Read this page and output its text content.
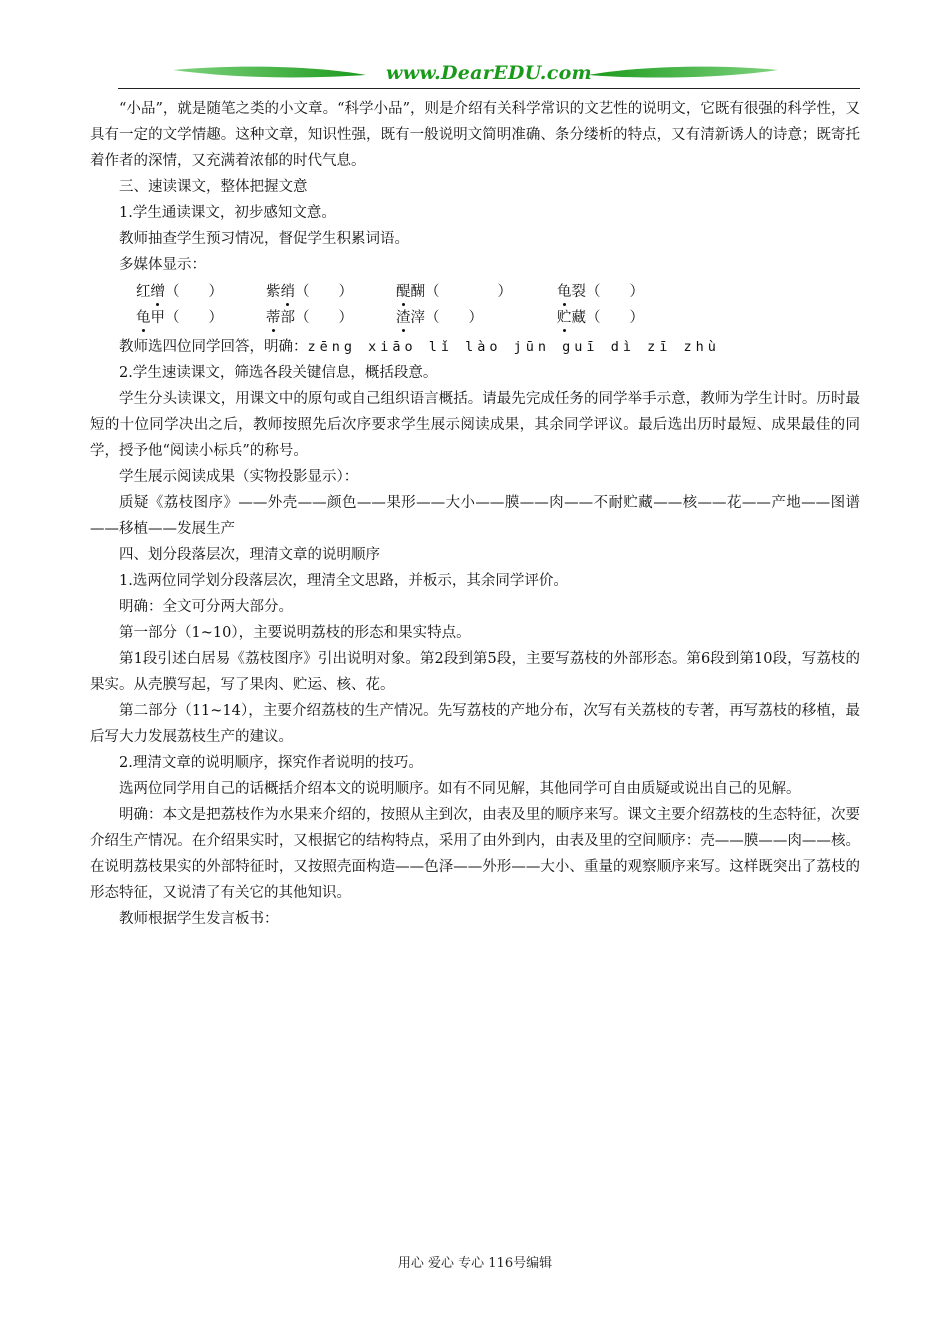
www.DearEDU.com

“小品”，就是随笔之类的小文章。“科学小品”，则是介绍有关科学常识的文艺性的说明文，它既有很强的科学性，又具有一定的文学情趣。这种文章，知识性强，既有一般说明文简明准确、条分缕析的特点，又有清新诱人的诗意；既寄托着作者的深情，又充满着浓郁的时代气息。

三、速读课文，整体把握文意

1.学生通读课文，初步感知文意。

教师抽查学生预习情况，督促学生积累词语。

多媒体显示：

红缯（　　）	紫绡（　　）	醍醐（　　　　）	龟裂（　　）
龟甲（　　）	蒂部（　　）	渣滓（　　）	贮藏（　　）

教师选四位同学回答，明确：zēng xiāo lǐ lào jūn guī dì zī zhù

2.学生速读课文，筛选各段关键信息，概括段意。

学生分头读课文，用课文中的原句或自己组织语言概括。请最先完成任务的同学举手示意，教师为学生计时。历时最短的十位同学决出之后，教师按照先后次序要求学生展示阅读成果，其余同学评议。最后选出历时最短、成果最佳的同学，授予他“阅读小标兵”的称号。

学生展示阅读成果（实物投影显示）：

质疑《荔枝图序》——外壳——颜色——果形——大小——膜——肉——不耐贮藏——核——花——产地——图谱——移植——发展生产

四、划分段落层次，理清文章的说明顺序

1.选两位同学划分段落层次，理清全文思路，并板示，其余同学评价。

明确：全文可分两大部分。

第一部分（1~10），主要说明荔枝的形态和果实特点。

第1段引述白居易《荔枝图序》引出说明对象。第2段到第5段，主要写荔枝的外部形态。第6段到第10段，写荔枝的果实。从壳膜写起，写了果肉、贮运、核、花。

第二部分（11~14），主要介绍荔枝的生产情况。先写荔枝的产地分布，次写有关荔枝的专著，再写荔枝的移植，最后写大力发展荔枝生产的建议。

2.理清文章的说明顺序，探究作者说明的技巧。

选两位同学用自己的话概括介绍本文的说明顺序。如有不同见解，其他同学可自由质疑或说出自己的见解。

明确：本文是把荔枝作为水果来介绍的，按照从主到次，由表及里的顺序来写。课文主要介绍荔枝的生态特征，次要介绍生产情况。在介绍果实时，又根据它的结构特点，采用了由外到内，由表及里的空间顺序：壳——膜——肉——核。在说明荔枝果实的外部特征时，又按照壳面构造——色泽——外形——大小、重量的观察顺序来写。这样既突出了荔枝的形态特征，又说清了有关它的其他知识。

教师根据学生发言板书：

用心 爱心 专心 116号编辑
